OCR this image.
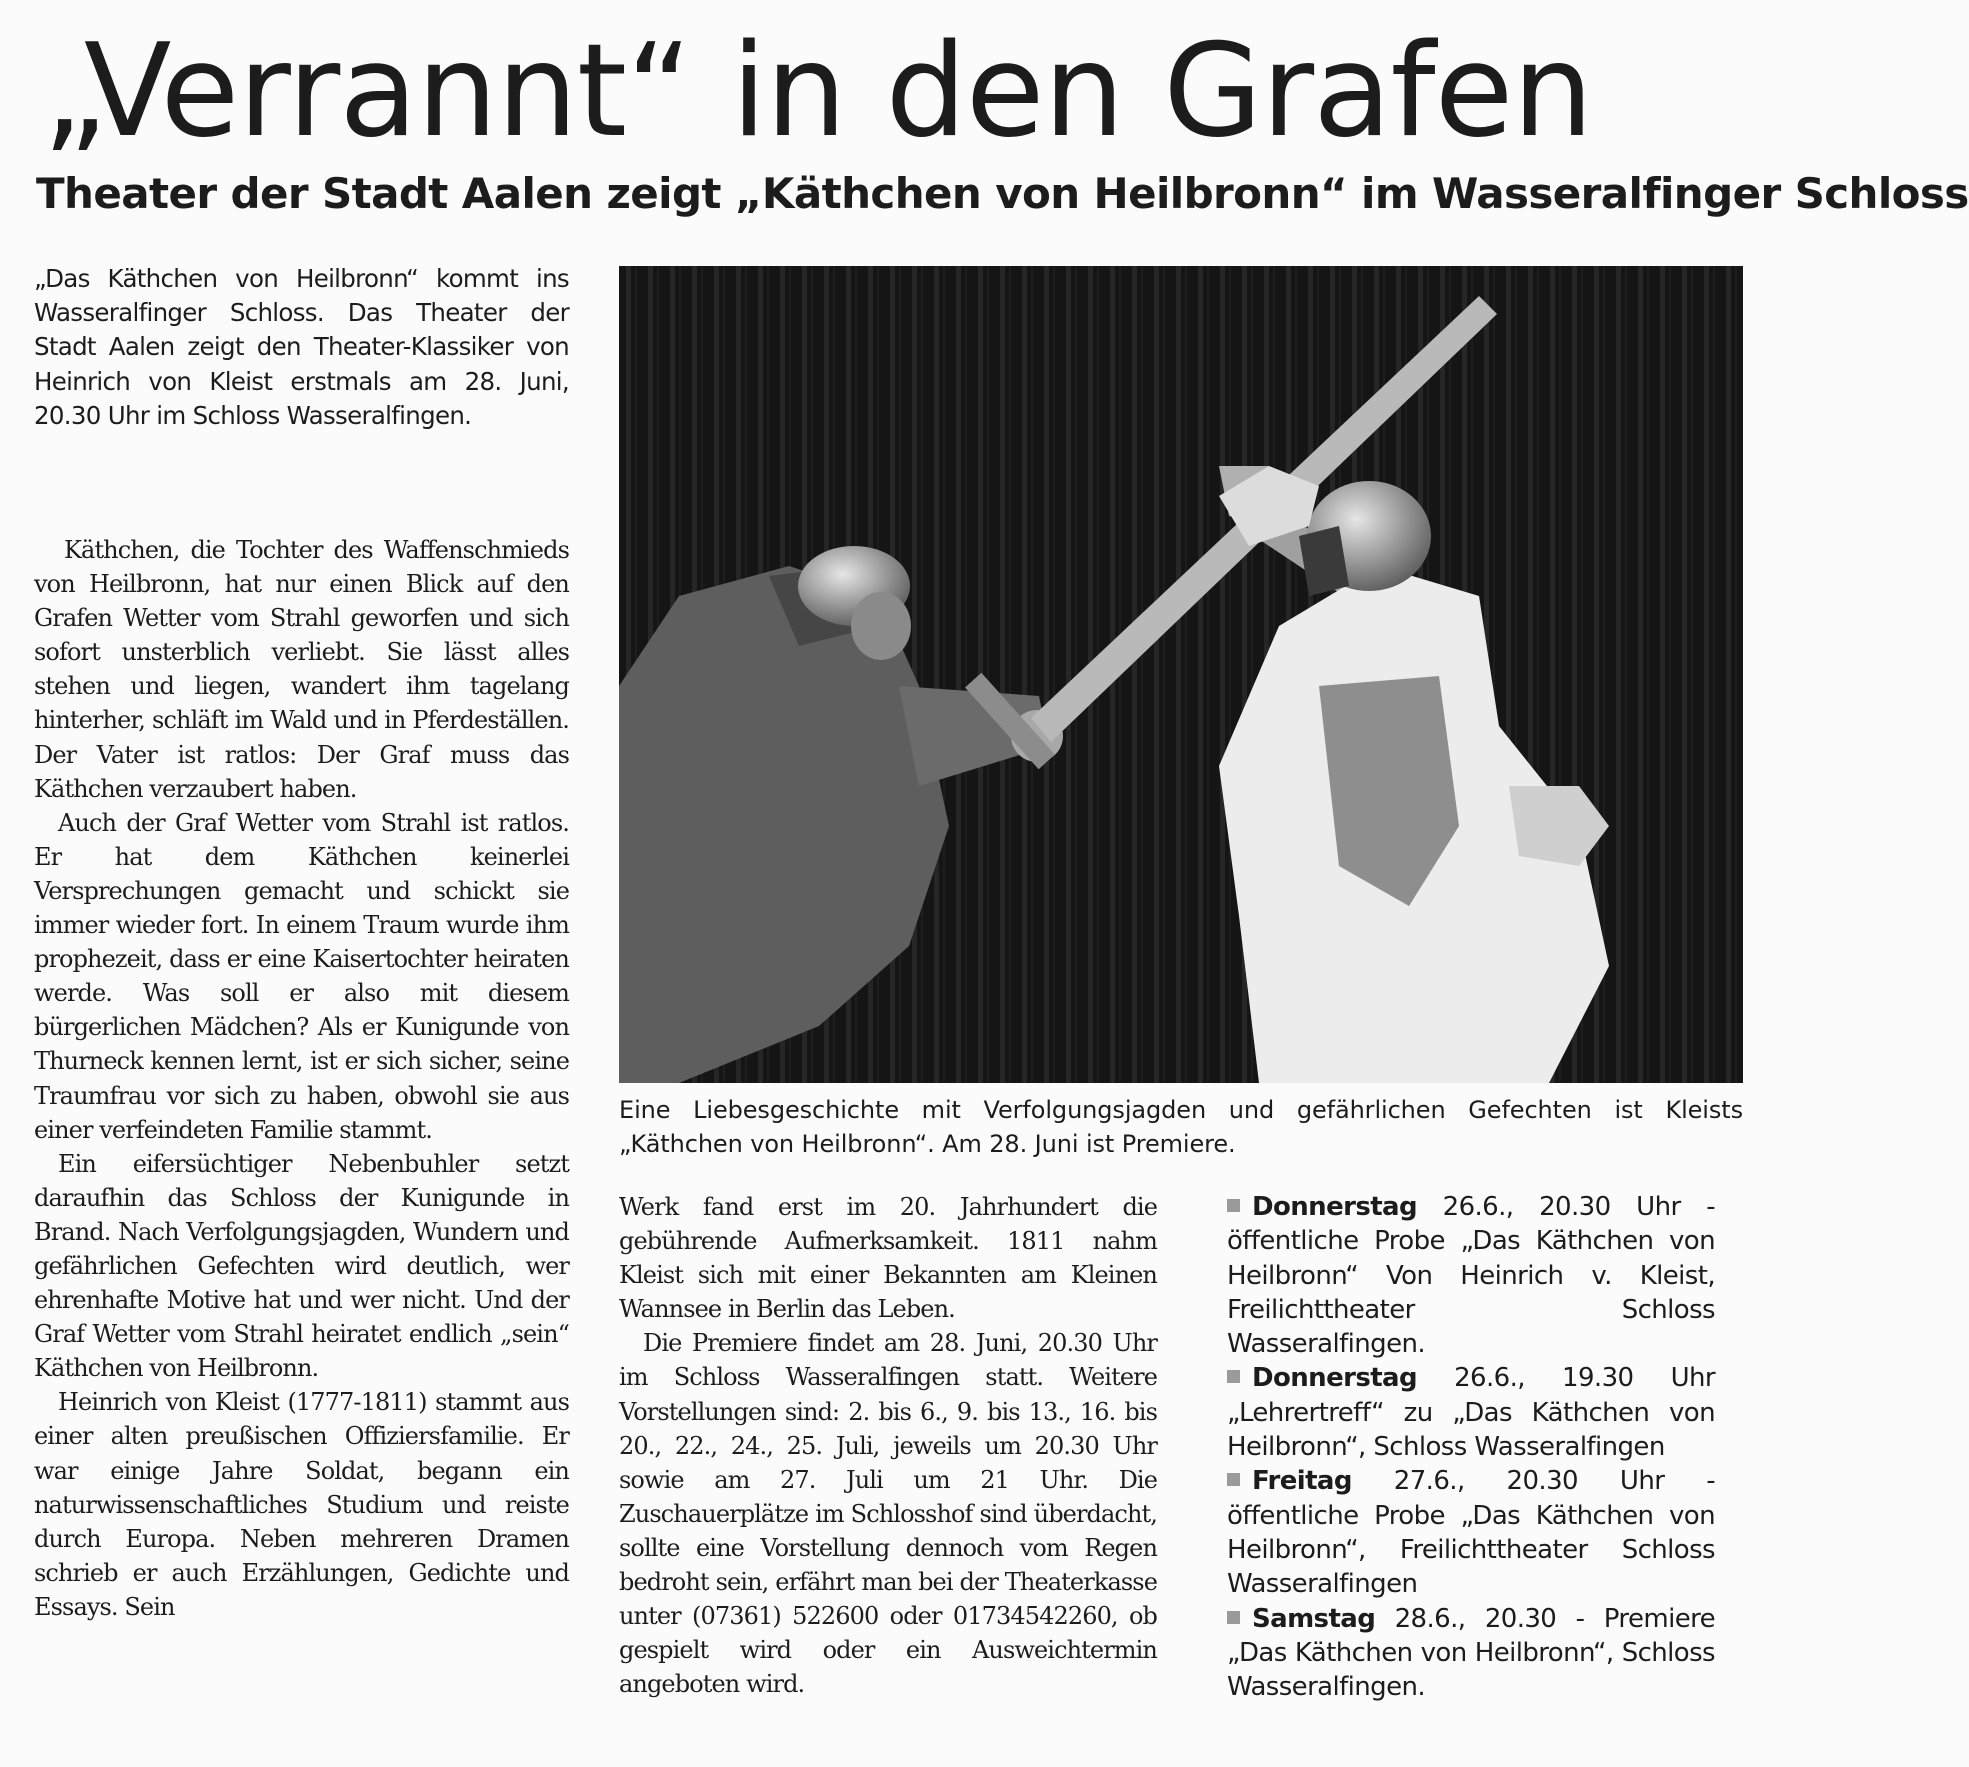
„Verrannt“ in den Grafen
Theater der Stadt Aalen zeigt „Käthchen von Heilbronn“ im Wasseralfinger Schloss
„Das Käthchen von Heilbronn“ kommt ins Wasseralfinger Schloss. Das Theater der Stadt Aalen zeigt den Theater-Klassiker von Heinrich von Kleist erstmals am 28. Juni, 20.30 Uhr im Schloss Wasseralfingen.

Käthchen, die Tochter des Waffenschmieds von Heilbronn, hat nur einen Blick auf den Grafen Wetter vom Strahl geworfen und sich sofort unsterblich verliebt. Sie lässt alles stehen und liegen, wandert ihm tagelang hinterher, schläft im Wald und in Pferdeställen. Der Vater ist ratlos: Der Graf muss das Käthchen verzaubert haben.

Auch der Graf Wetter vom Strahl ist ratlos. Er hat dem Käthchen keinerlei Versprechungen gemacht und schickt sie immer wieder fort. In einem Traum wurde ihm prophezeit, dass er eine Kaisertochter heiraten werde. Was soll er also mit diesem bürgerlichen Mädchen? Als er Kunigunde von Thurneck kennen lernt, ist er sich sicher, seine Traumfrau vor sich zu haben, obwohl sie aus einer verfeindeten Familie stammt.

Ein eifersüchtiger Nebenbuhler setzt daraufhin das Schloss der Kunigunde in Brand. Nach Verfolgungsjagden, Wundern und gefährlichen Gefechten wird deutlich, wer ehrenhafte Motive hat und wer nicht. Und der Graf Wetter vom Strahl heiratet endlich „sein“ Käthchen von Heilbronn.

Heinrich von Kleist (1777-1811) stammt aus einer alten preußischen Offiziersfamilie. Er war einige Jahre Soldat, begann ein naturwissenschaftliches Studium und reiste durch Europa. Neben mehreren Dramen schrieb er auch Erzählungen, Gedichte und Essays. Sein

Eine Liebesgeschichte mit Verfolgungsjagden und gefährlichen Gefechten ist Kleists „Käthchen von Heilbronn“. Am 28. Juni ist Premiere.

Werk fand erst im 20. Jahrhundert die gebührende Aufmerksamkeit. 1811 nahm Kleist sich mit einer Bekannten am Kleinen Wannsee in Berlin das Leben.

Die Premiere findet am 28. Juni, 20.30 Uhr im Schloss Wasseralfingen statt. Weitere Vorstellungen sind: 2. bis 6., 9. bis 13., 16. bis 20., 22., 24., 25. Juli, jeweils um 20.30 Uhr sowie am 27. Juli um 21 Uhr. Die Zuschauerplätze im Schlosshof sind überdacht, sollte eine Vorstellung dennoch vom Regen bedroht sein, erfährt man bei der Theaterkasse unter (07361) 522600 oder 01734542260, ob gespielt wird oder ein Ausweichtermin angeboten wird.

Donnerstag 26.6., 20.30 Uhr - öffentliche Probe „Das Käthchen von Heilbronn“ Von Heinrich v. Kleist, Freilichttheater Schloss Wasseralfingen.

Donnerstag 26.6., 19.30 Uhr „Lehrertreff“ zu „Das Käthchen von Heilbronn“, Schloss Wasseralfingen

Freitag 27.6., 20.30 Uhr - öffentliche Probe „Das Käthchen von Heilbronn“, Freilichttheater Schloss Wasseralfingen

Samstag 28.6., 20.30 - Premiere „Das Käthchen von Heilbronn“, Schloss Wasseralfingen.
